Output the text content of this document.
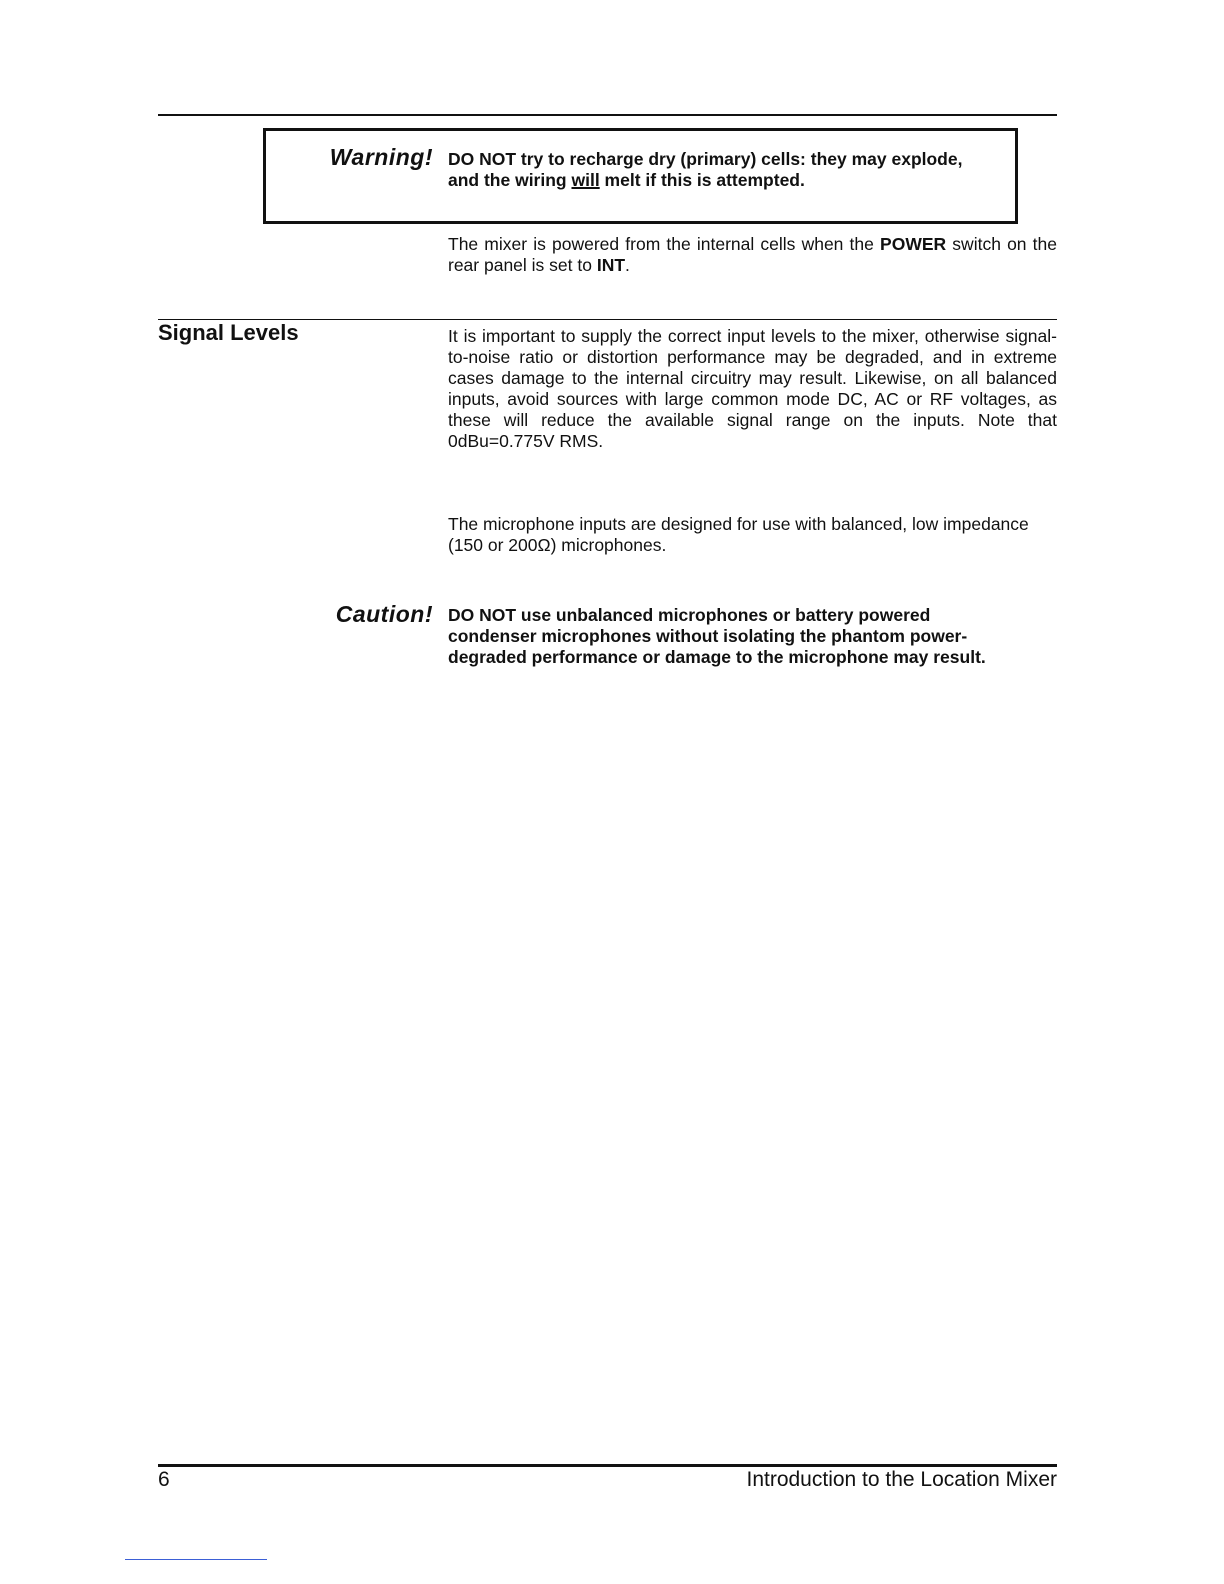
Warning! DO NOT try to recharge dry (primary) cells: they may explode,
and the wiring will melt if this is attempted.
The mixer is powered from the internal cells when the POWER switch on the rear panel is set to INT.
Signal Levels	It is important to supply the correct input levels to the mixer, otherwise signal-to-noise ratio or distortion performance may be degraded, and in extreme cases damage to the internal circuitry may result. Likewise, on all balanced inputs, avoid sources with large common mode DC, AC or RF voltages, as these will reduce the available signal range on the inputs. Note that 0dBu=0.775V RMS.
The microphone inputs are designed for use with balanced, low impedance (150 or 200Ω) microphones.
Caution! DO NOT use unbalanced microphones or battery powered
condenser microphones without isolating the phantom power-
degraded performance or damage to the microphone may result.
6	Introduction to the Location Mixer
